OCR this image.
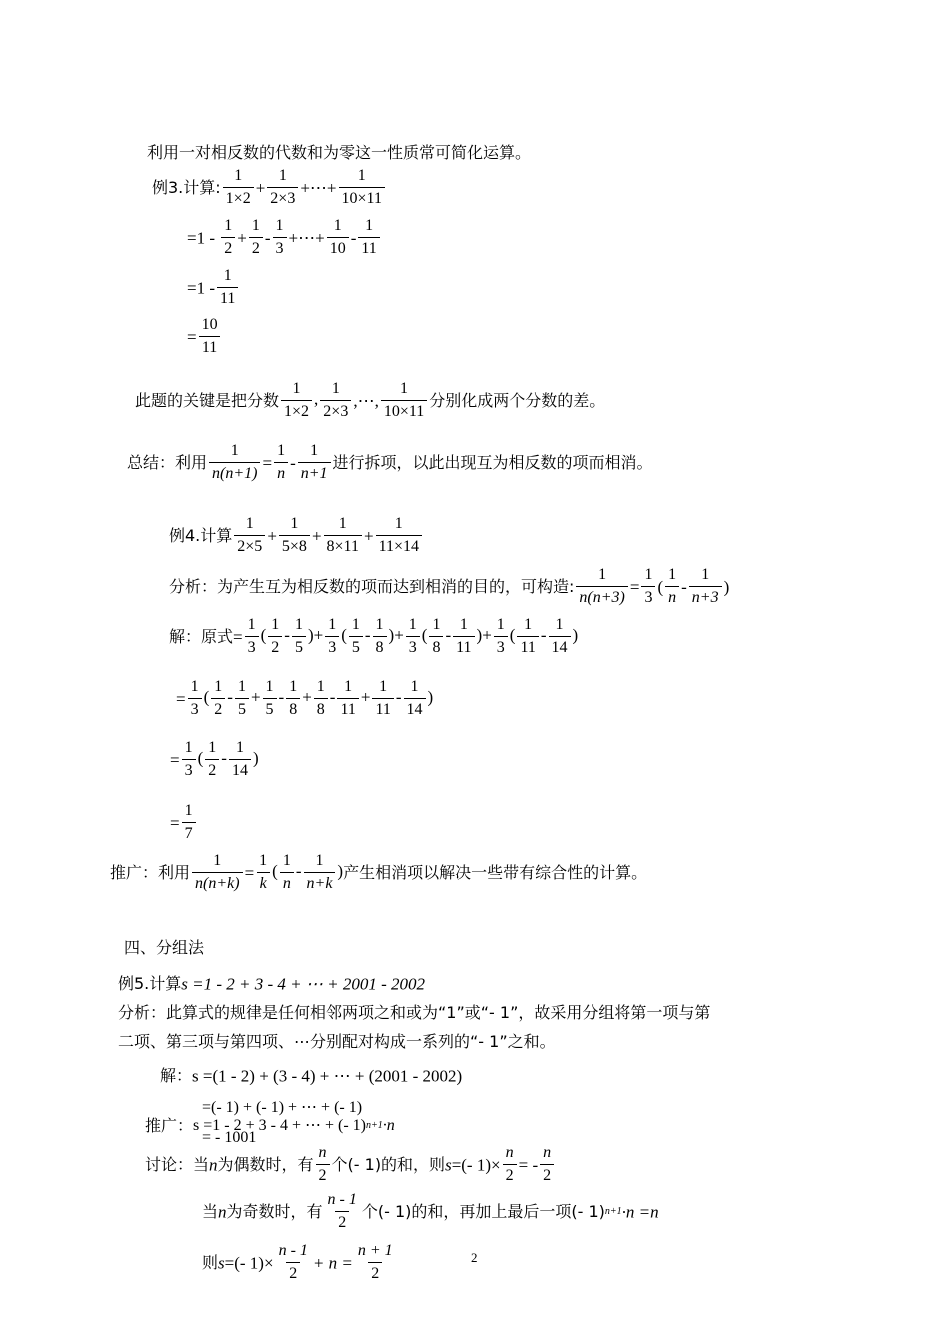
利用一对相反数的代数和为零这一性质常可简化运算。
例3.计算: $\frac{1}{1\times 2} + \frac{1}{2\times 3}$ +⋯+ $\frac{1}{10\times 11}$
$=1 - \frac{1}{2} + \frac{1}{2} - \frac{1}{3}$ +⋯+ $\frac{1}{10} - \frac{1}{11}$
$=1 - \frac{1}{11}$
= $\frac{10}{11}$
此题的关键是把分数 $\frac{1}{1\times 2}$ , $\frac{1}{2\times 3}$ ,⋯, $\frac{1}{10\times 11}$ 分别化成两个分数的差。
总结：利用 $\frac{1}{n(n+1)} = \frac{1}{n} - \frac{1}{n+1}$ 进行拆项，以此出现互为相反数的项而相消。
例4.计算 $\frac{1}{2\times 5} + \frac{1}{5\times 8} + \frac{1}{8\times 11} + \frac{1}{11\times 14}$
分析：为产生互为相反数的项而达到相消的目的，可构造: $\frac{1}{n(n+3)} = \frac{1}{3}$ ( $\frac{1}{n} - \frac{1}{n+3}$ )
解：原式= $\frac{1}{3}$ ( $\frac{1}{2} - \frac{1}{5}$ )+ $\frac{1}{3}$ ( $\frac{1}{5} - \frac{1}{8}$ )+ $\frac{1}{3}$ ( $\frac{1}{8} - \frac{1}{11}$ )+ $\frac{1}{3}$ ( $\frac{1}{11} - \frac{1}{14}$ )
= $\frac{1}{3}$ ( $\frac{1}{2} - \frac{1}{5} + \frac{1}{5} - \frac{1}{8} + \frac{1}{8} - \frac{1}{11} + \frac{1}{11} - \frac{1}{14}$ )
= $\frac{1}{3}$ ( $\frac{1}{2} - \frac{1}{14}$ )
= $\frac{1}{7}$
推广：利用 $\frac{1}{n(n+k)} = \frac{1}{k}$ ( $\frac{1}{n} - \frac{1}{n+k}$ )产生相消项以解决一些带有综合性的计算。
四、分组法
例5.计算s =1 - 2 + 3 - 4 + ⋯ + 2001 - 2002
分析：此算式的规律是任何相邻两项之和或为“1”或“- 1”，故采用分组将第一项与第
二项、第三项与第四项、⋯分别配对构成一系列的“- 1”之和。
解：s =(1 - 2) + (3 - 4) + ⋯ + (2001 - 2002)
=(- 1) + (- 1) + ⋯ + (- 1)
推广：s =1 - 2 + 3 - 4 + ⋯ + (- 1)n+1·n
= - 1001
讨论：当n为偶数时，有 $\frac{n}{2}$ 个(- 1)的和，则s=(- $1)\times \frac{n}{2}$ = - $\frac{n}{2}$
当n为奇数时，有 $\frac{n - 1}{2}$ 个(- 1)的和，再加上最后一项(- 1)n+1·n =n
则s=(- $1)\times \frac{n - 1}{2} + n = \frac{n + 1}{2}$	2
